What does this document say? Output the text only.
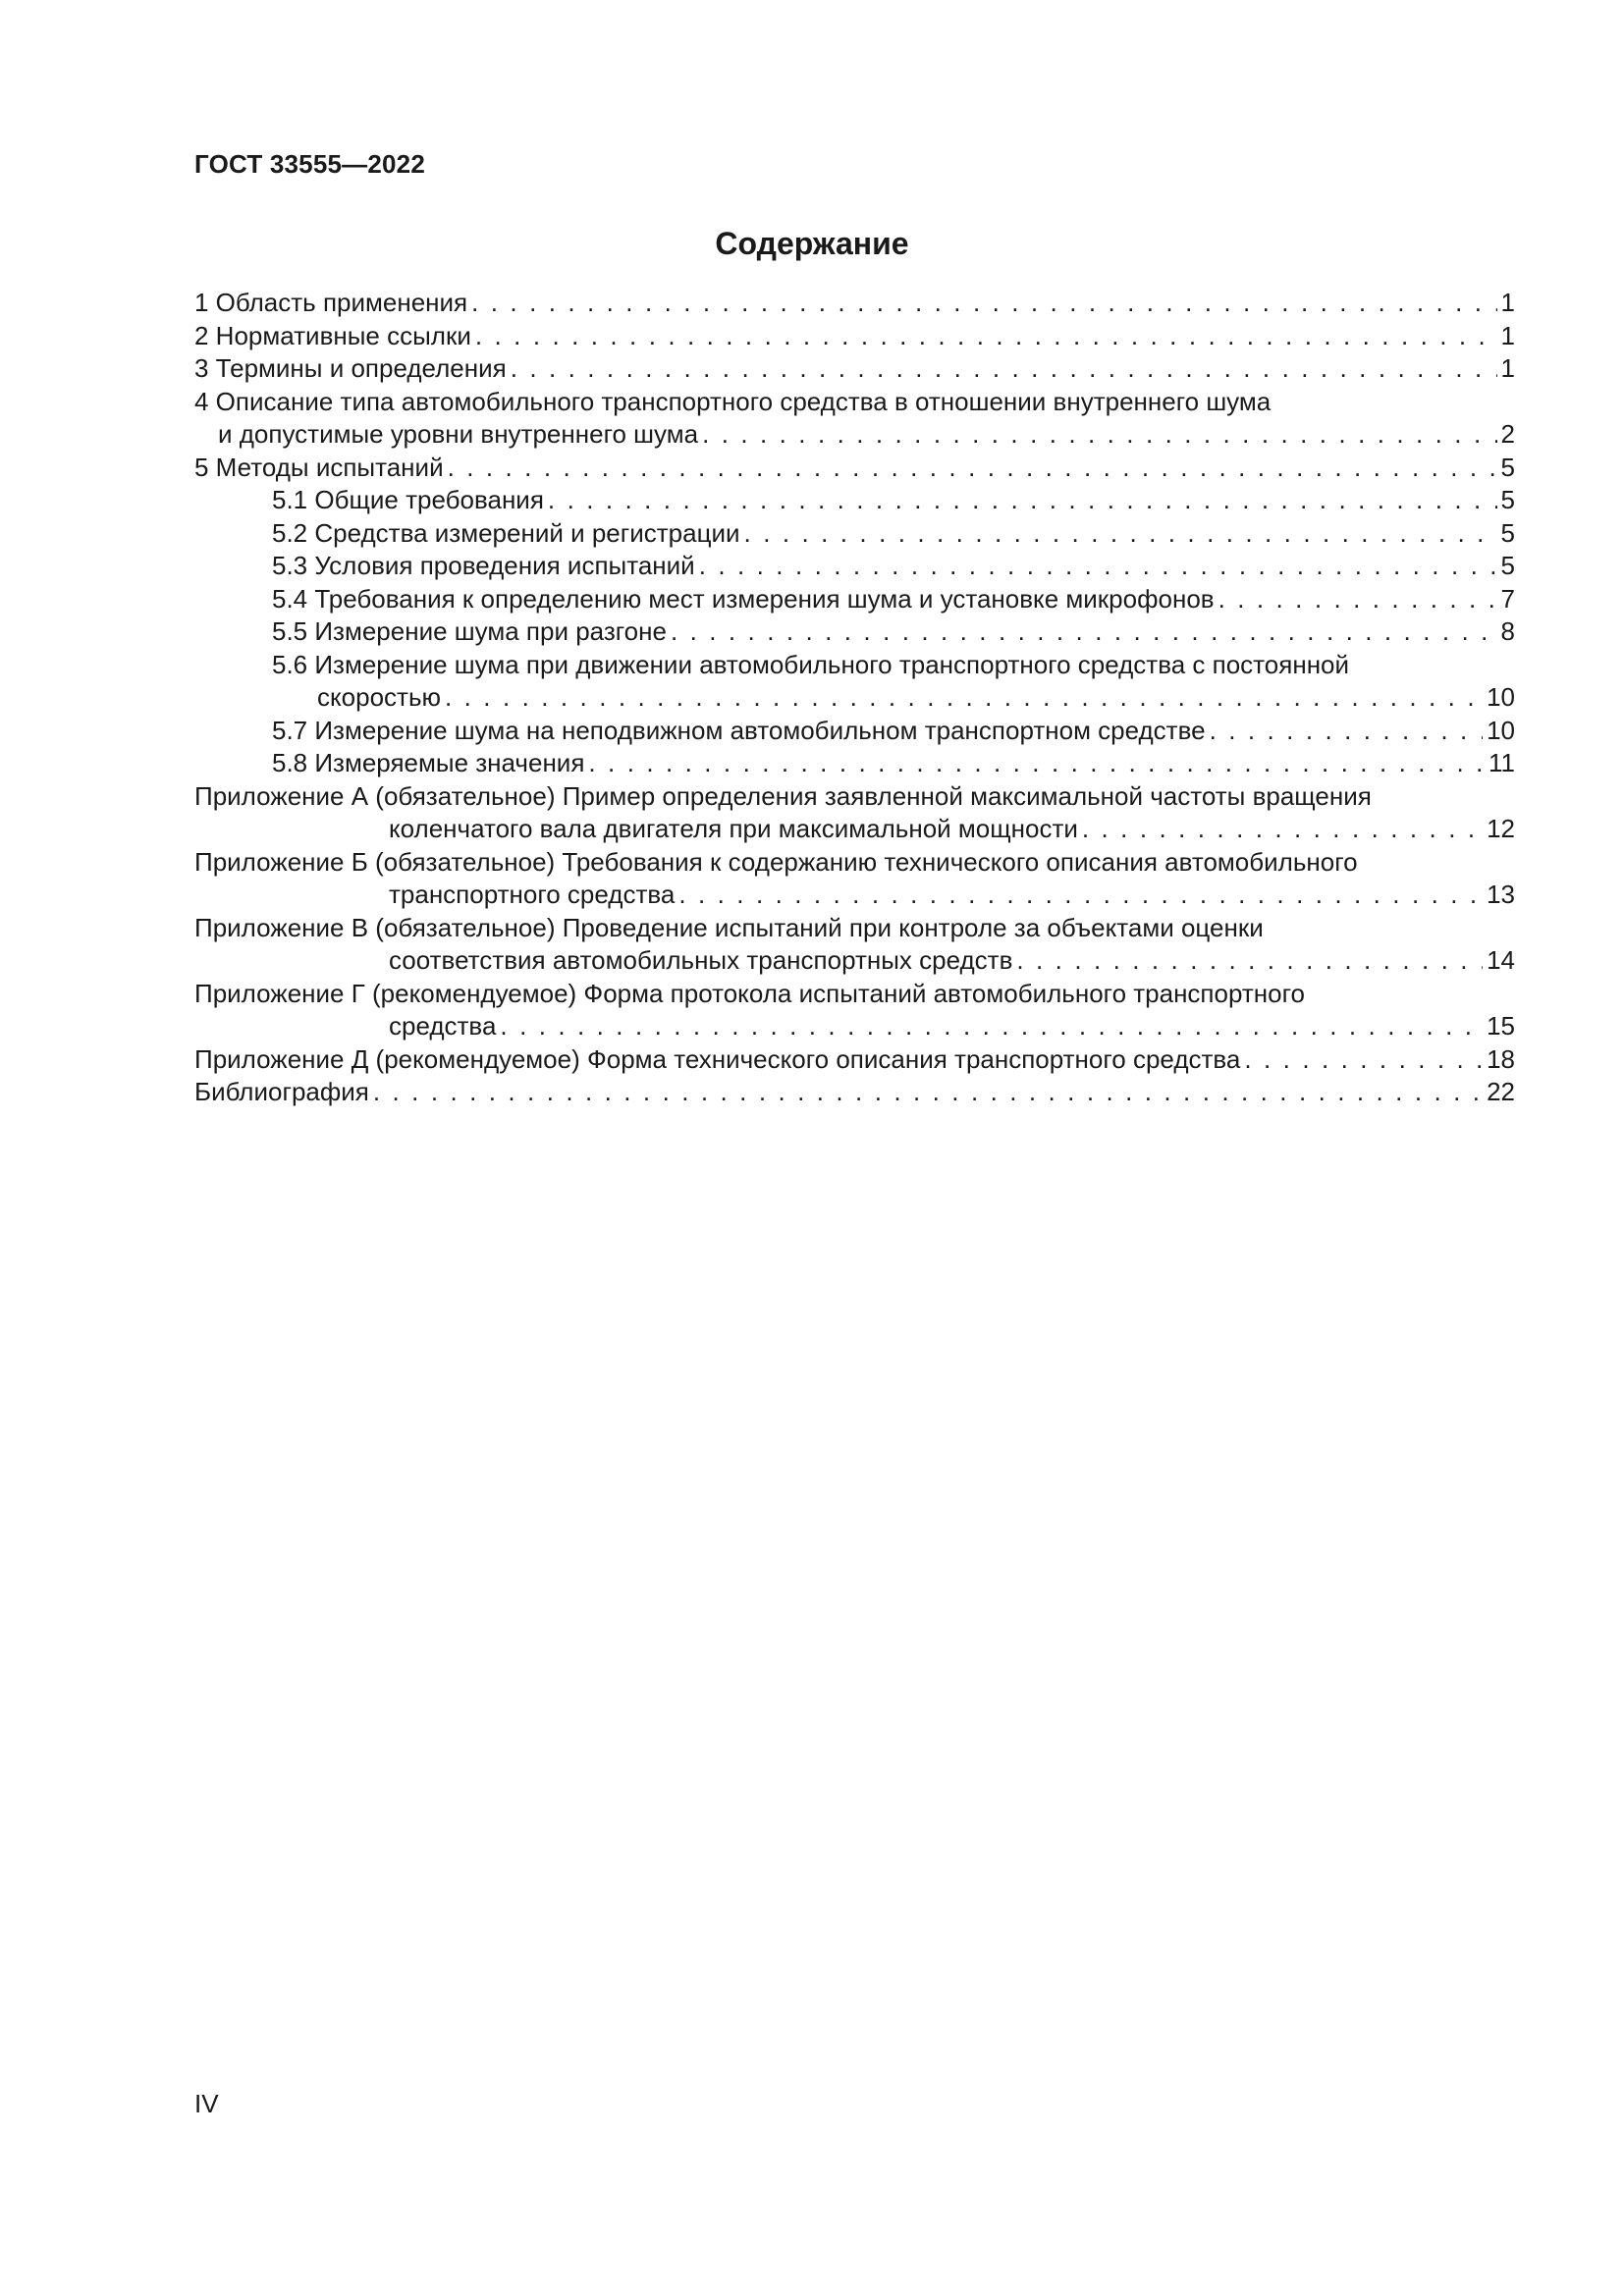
ГОСТ 33555—2022
Содержание
1 Область применения . . .	1
2 Нормативные ссылки . . .	1
3 Термины и определения . . .	1
4 Описание типа автомобильного транспортного средства в отношении внутреннего шума
и допустимые уровни внутреннего шума . . .	2
5 Методы испытаний . . .	5
5.1 Общие требования . . .	5
5.2 Средства измерений и регистрации . . .	5
5.3 Условия проведения испытаний . . .	5
5.4 Требования к определению мест измерения шума и установке микрофонов . . .	7
5.5 Измерение шума при разгоне . . .	8
5.6 Измерение шума при движении автомобильного транспортного средства с постоянной
скоростью . . .	10
5.7 Измерение шума на неподвижном автомобильном транспортном средстве . . .	10
5.8 Измеряемые значения . . .	11
Приложение А (обязательное) Пример определения заявленной максимальной частоты вращения
коленчатого вала двигателя при максимальной мощности . . .	12
Приложение Б (обязательное) Требования к содержанию технического описания автомобильного
транспортного средства . . .	13
Приложение В (обязательное) Проведение испытаний при контроле за объектами оценки
соответствия автомобильных транспортных средств . . .	14
Приложение Г (рекомендуемое) Форма протокола испытаний автомобильного транспортного
средства . . .	15
Приложение Д (рекомендуемое) Форма технического описания транспортного средства . . .	18
Библиография . . .	22
IV
